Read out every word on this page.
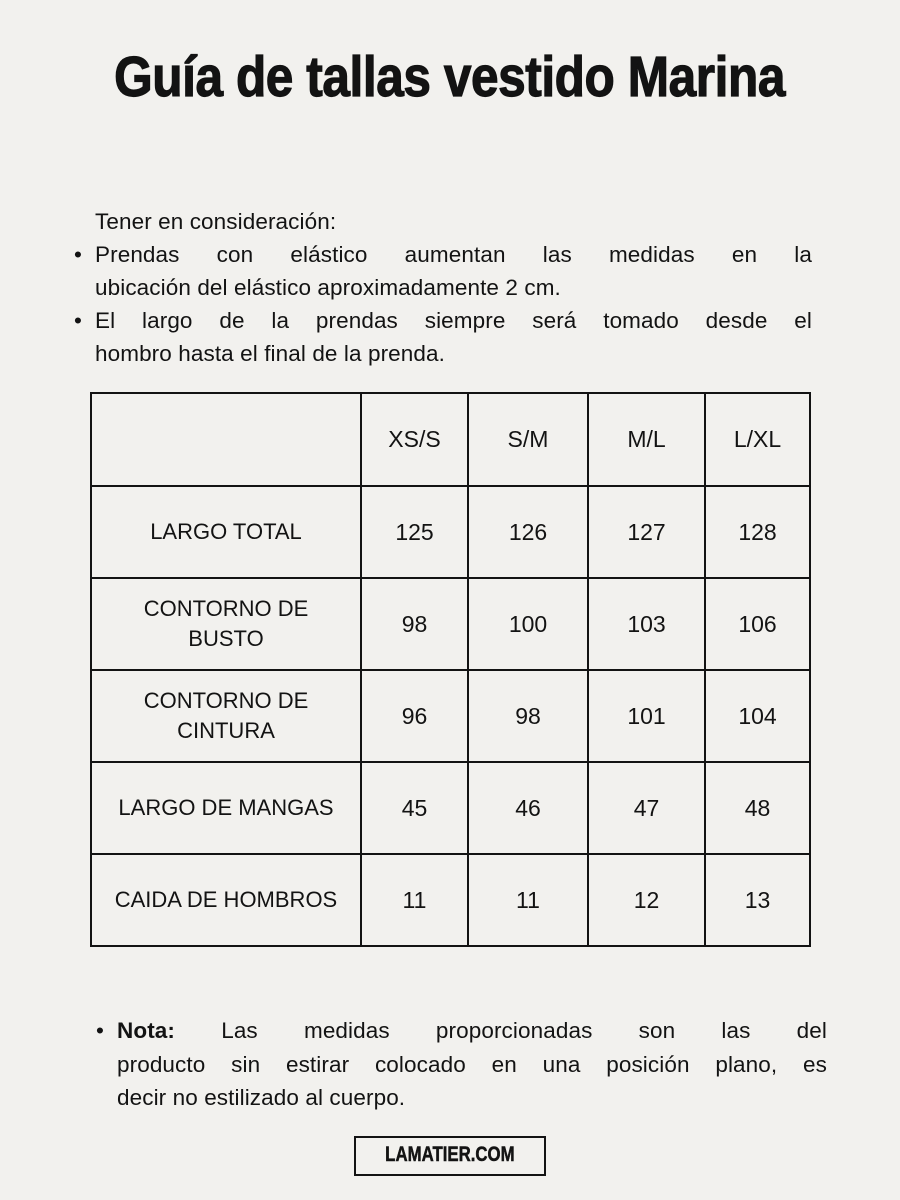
Guía de tallas vestido Marina
Tener en consideración:
• Prendas con elástico aumentan las medidas en la
ubicación del elástico aproximadamente 2 cm.
• El largo de la prendas siempre será tomado desde el
hombro hasta el final de la prenda.
	XS/S	S/M	M/L	L/XL
LARGO TOTAL	125	126	127	128
CONTORNO DE BUSTO	98	100	103	106
CONTORNO DE CINTURA	96	98	101	104
LARGO DE MANGAS	45	46	47	48
CAIDA DE HOMBROS	11	11	12	13
• Nota: Las medidas proporcionadas son las del
producto sin estirar colocado en una posición plano, es
decir no estilizado al cuerpo.
LAMATIER.COM
